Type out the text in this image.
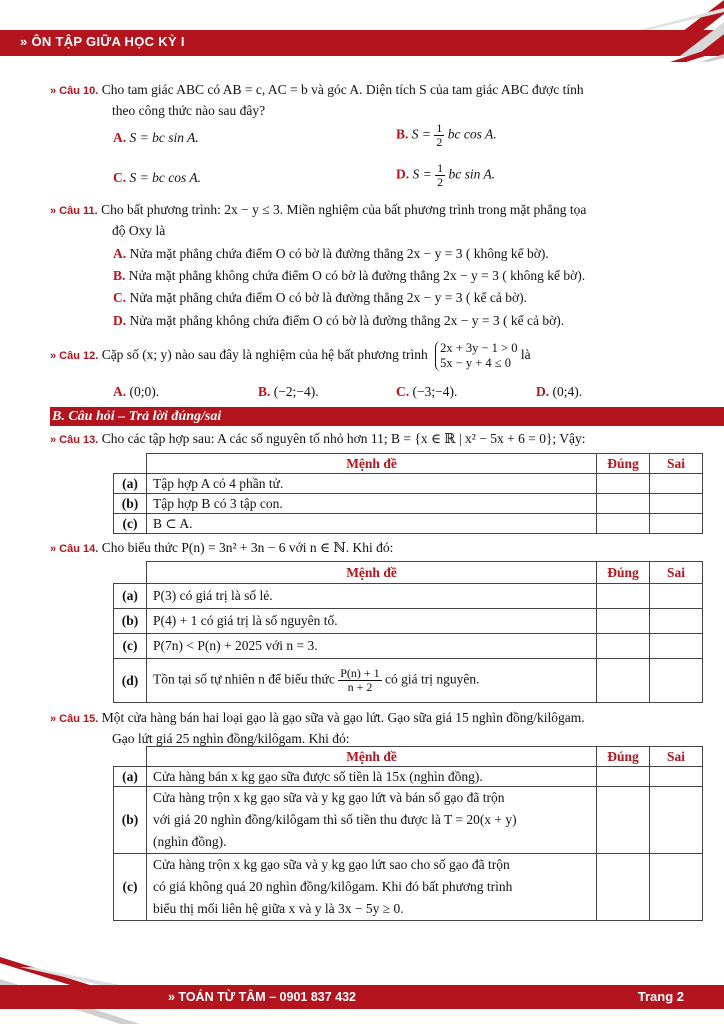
» ÔN TẬP GIỮA HỌC KỲ I
» Câu 10. Cho tam giác ABC có AB = c, AC = b và góc A. Diện tích S của tam giác ABC được tính
theo công thức nào sau đây?
A. S = bc sin A.	B. $S = \frac{1}{2}$ bc cos A.
C. S = bc cos A.	D. $S = \frac{1}{2}$ bc sin A.
» Câu 11. Cho bất phương trình: 2x − y ≤ 3. Miền nghiệm của bất phương trình trong mặt phẳng tọa
độ Oxy là
A. Nửa mặt phẳng chứa điểm O có bờ là đường thẳng 2x − y = 3 ( không kể bờ).
B. Nửa mặt phẳng không chứa điểm O có bờ là đường thẳng 2x − y = 3 ( không kể bờ).
C. Nửa mặt phẳng chứa điểm O có bờ là đường thẳng 2x − y = 3 ( kể cả bờ).
D. Nửa mặt phẳng không chứa điểm O có bờ là đường thẳng 2x − y = 3 ( kể cả bờ).
» Câu 12. Cặp số (x; y) nào sau đây là nghiệm của hệ bất phương trình 2x + 3y − 1 > 0
5x − y + 4 ≤ 0 là
A. (0;0).	B. (−2;−4).	C. (−3;−4).	D. (0;4).
B. Câu hỏi – Trả lời đúng/sai
» Câu 13. Cho các tập hợp sau: A các số nguyên tố nhỏ hơn 11; B = {x ∈ ℝ | x² − 5x + 6 = 0}; Vậy:
	Mệnh đề	Đúng	Sai
(a)	Tập hợp A có 4 phần tử.		
(b)	Tập hợp B có 3 tập con.		
(c)	B ⊂ A.		
» Câu 14. Cho biểu thức P(n) = 3n² + 3n − 6 với n ∈ ℕ. Khi đó:
	Mệnh đề	Đúng	Sai
(a)	P(3) có giá trị là số lẻ.		
(b)	P(4) + 1 có giá trị là số nguyên tố.		
(c)	P(7n) < P(n) + 2025 với n = 3.		
(d)	Tồn tại số tự nhiên n để biểu thức $\frac{P(n) + 1}{n + 2}$ có giá trị nguyên.		
» Câu 15. Một cửa hàng bán hai loại gạo là gạo sữa và gạo lứt. Gạo sữa giá 15 nghìn đồng/kilôgam.
Gạo lứt giá 25 nghìn đồng/kilôgam. Khi đó:
	Mệnh đề	Đúng	Sai
(a)	Cửa hàng bán x kg gạo sữa được số tiền là 15x (nghìn đồng).		
(b)	Cửa hàng trộn x kg gạo sữa và y kg gạo lứt và bán số gạo đã trộn
với giá 20 nghìn đồng/kilôgam thì số tiền thu được là T = 20(x + y)
(nghìn đồng).		
(c)	Cửa hàng trộn x kg gạo sữa và y kg gạo lứt sao cho số gạo đã trộn
có giá không quá 20 nghìn đồng/kilôgam. Khi đó bất phương trình
biểu thị mối liên hệ giữa x và y là 3x − 5y ≥ 0.		
» TOÁN TỪ TÂM – 0901 837 432	Trang 2
